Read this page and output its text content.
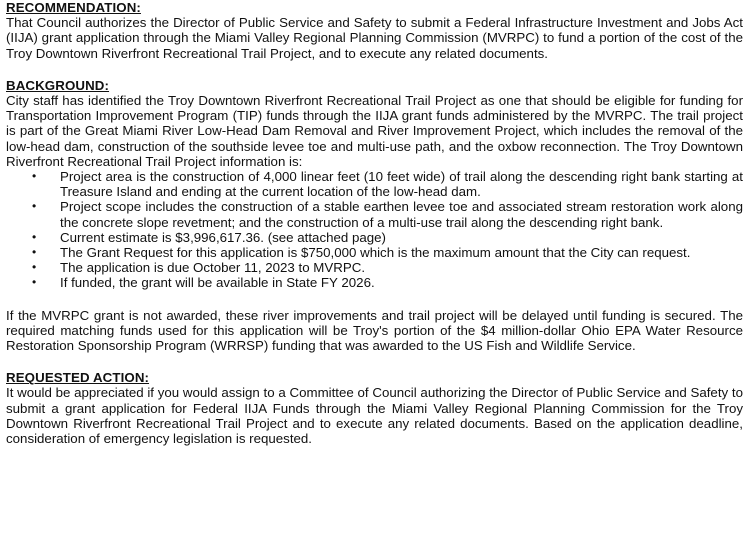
RECOMMENDATION:

That Council authorizes the Director of Public Service and Safety to submit a Federal Infrastructure Investment and Jobs Act (IIJA) grant application through the Miami Valley Regional Planning Commission (MVRPC) to fund a portion of the cost of the Troy Downtown Riverfront Recreational Trail Project, and to execute any related documents.

BACKGROUND:

City staff has identified the Troy Downtown Riverfront Recreational Trail Project as one that should be eligible for funding for Transportation Improvement Program (TIP) funds through the IIJA grant funds administered by the MVRPC. The trail project is part of the Great Miami River Low-Head Dam Removal and River Improvement Project, which includes the removal of the low-head dam, construction of the southside levee toe and multi-use path, and the oxbow reconnection. The Troy Downtown Riverfront Recreational Trail Project information is:

• Project area is the construction of 4,000 linear feet (10 feet wide) of trail along the descending right bank starting at Treasure Island and ending at the current location of the low-head dam.
• Project scope includes the construction of a stable earthen levee toe and associated stream restoration work along the concrete slope revetment; and the construction of a multi-use trail along the descending right bank.
• Current estimate is $3,996,617.36. (see attached page)
• The Grant Request for this application is $750,000 which is the maximum amount that the City can request.
• The application is due October 11, 2023 to MVRPC.
• If funded, the grant will be available in State FY 2026.

If the MVRPC grant is not awarded, these river improvements and trail project will be delayed until funding is secured. The required matching funds used for this application will be Troy's portion of the $4 million-dollar Ohio EPA Water Resource Restoration Sponsorship Program (WRRSP) funding that was awarded to the US Fish and Wildlife Service.

REQUESTED ACTION:

It would be appreciated if you would assign to a Committee of Council authorizing the Director of Public Service and Safety to submit a grant application for Federal IIJA Funds through the Miami Valley Regional Planning Commission for the Troy Downtown Riverfront Recreational Trail Project and to execute any related documents. Based on the application deadline, consideration of emergency legislation is requested.
